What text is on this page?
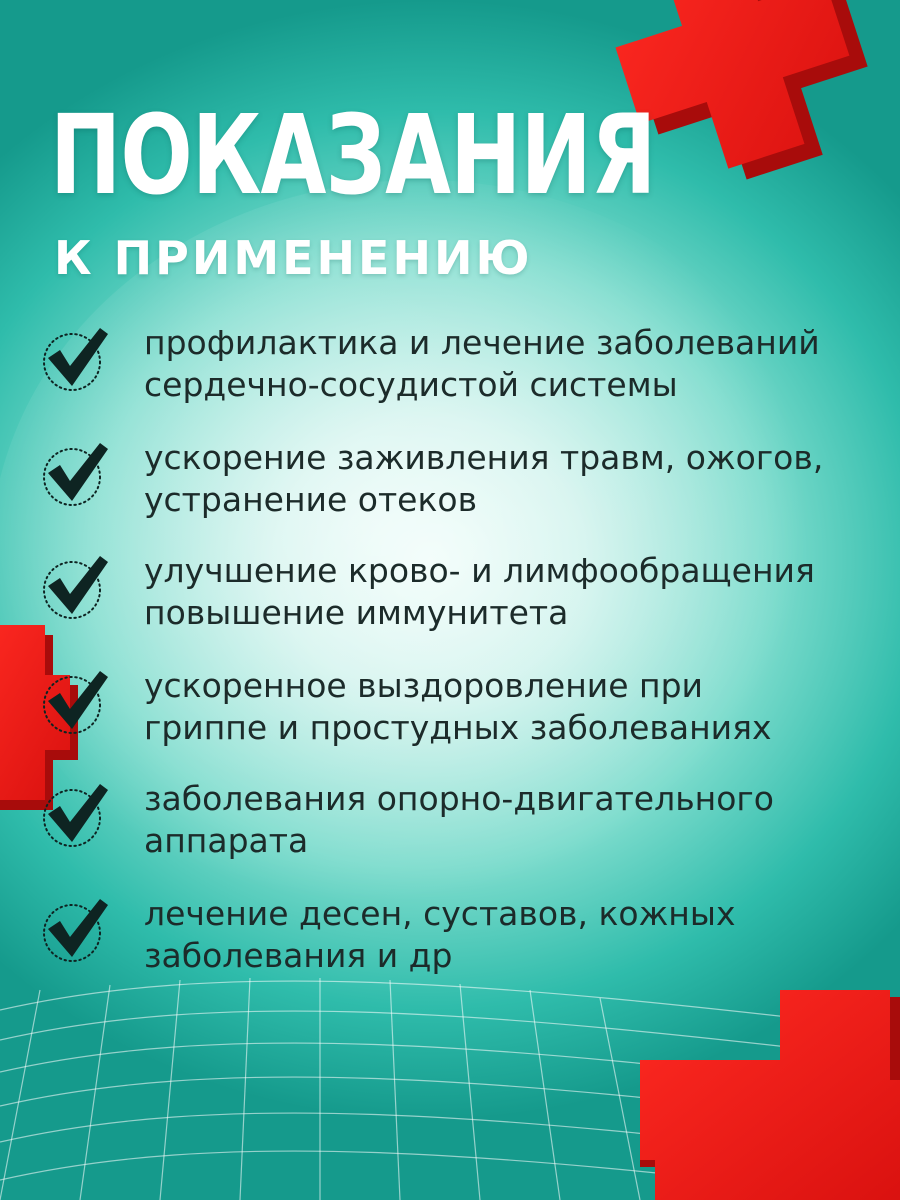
ПОКАЗАНИЯ
К ПРИМЕНЕНИЮ

профилактика и лечение заболеваний
сердечно-сосудистой системы

ускорение заживления травм, ожогов,
устранение отеков

улучшение крово- и лимфообращения
повышение иммунитета

ускоренное выздоровление при
гриппе и простудных заболеваниях

заболевания опорно-двигательного
аппарата

лечение десен, суставов, кожных
заболевания и др
